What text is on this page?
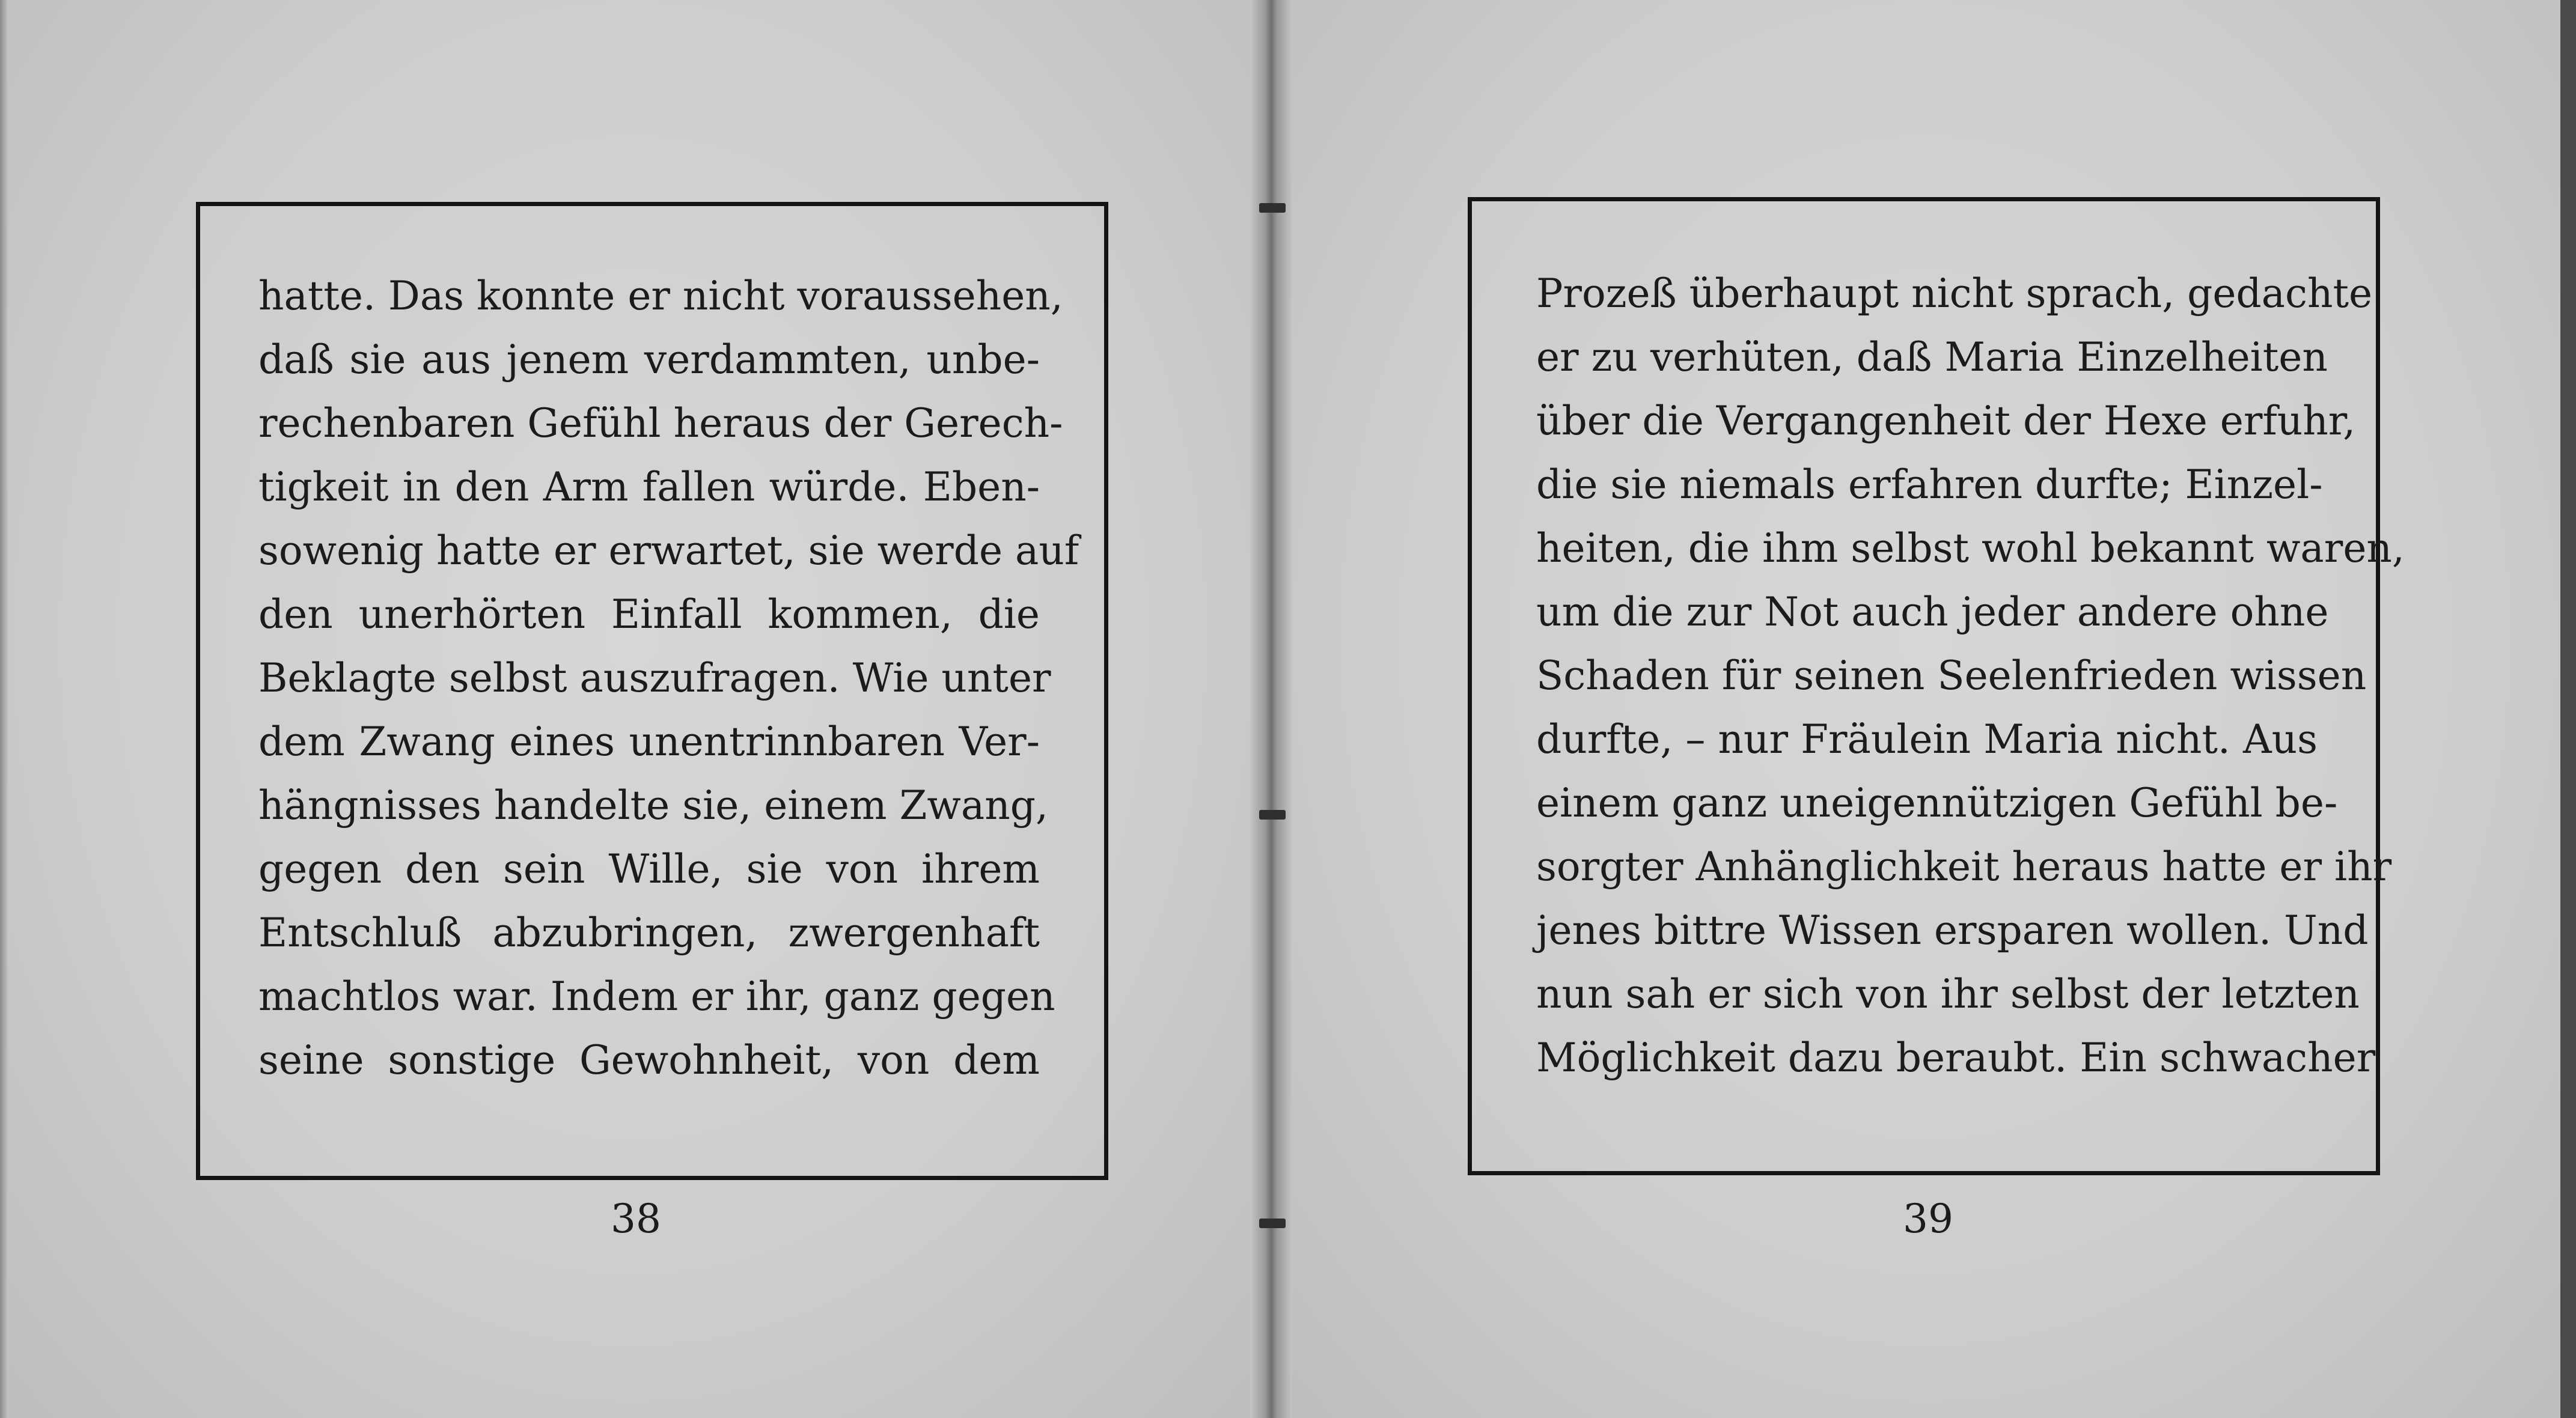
hatte. Das konnte er nicht voraussehen,
daß sie aus jenem verdammten, unbe-
rechenbaren Gefühl heraus der Gerech-
tigkeit in den Arm fallen würde. Eben-
sowenig hatte er erwartet, sie werde auf
den unerhörten Einfall kommen, die
Beklagte selbst auszufragen. Wie unter
dem Zwang eines unentrinnbaren Ver-
hängnisses handelte sie, einem Zwang,
gegen den sein Wille, sie von ihrem
Entschluß abzubringen, zwergenhaft
machtlos war. Indem er ihr, ganz gegen
seine sonstige Gewohnheit, von dem
Prozeß überhaupt nicht sprach, gedachte
er zu verhüten, daß Maria Einzelheiten
über die Vergangenheit der Hexe erfuhr,
die sie niemals erfahren durfte; Einzel-
heiten, die ihm selbst wohl bekannt waren,
um die zur Not auch jeder andere ohne
Schaden für seinen Seelenfrieden wissen
durfte, – nur Fräulein Maria nicht. Aus
einem ganz uneigennützigen Gefühl be-
sorgter Anhänglichkeit heraus hatte er ihr
jenes bittre Wissen ersparen wollen. Und
nun sah er sich von ihr selbst der letzten
Möglichkeit dazu beraubt. Ein schwacher
38	39
